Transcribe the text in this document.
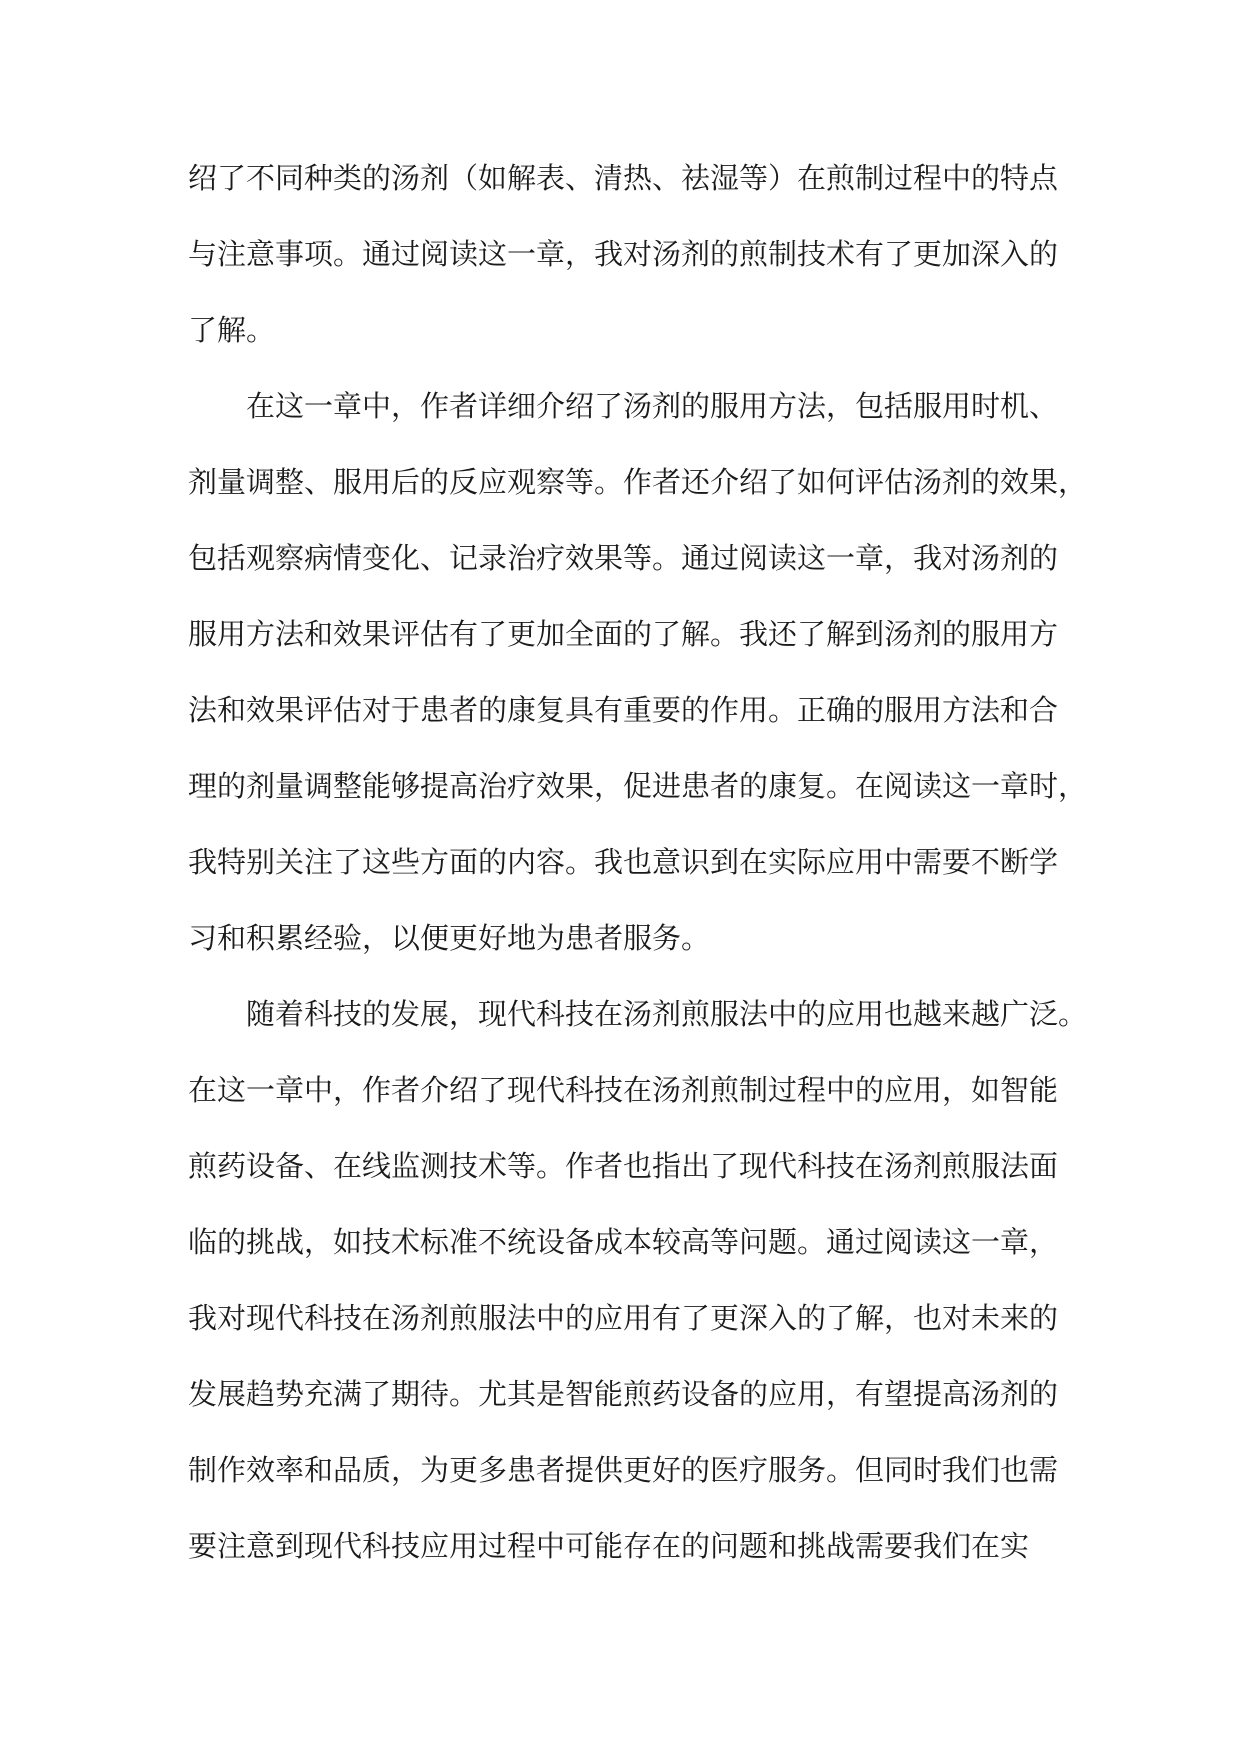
绍了不同种类的汤剂（如解表、清热、祛湿等）在煎制过程中的特点
与注意事项。通过阅读这一章，我对汤剂的煎制技术有了更加深入的
了解。
在这一章中，作者详细介绍了汤剂的服用方法，包括服用时机、
剂量调整、服用后的反应观察等。作者还介绍了如何评估汤剂的效果，
包括观察病情变化、记录治疗效果等。通过阅读这一章，我对汤剂的
服用方法和效果评估有了更加全面的了解。我还了解到汤剂的服用方
法和效果评估对于患者的康复具有重要的作用。正确的服用方法和合
理的剂量调整能够提高治疗效果，促进患者的康复。在阅读这一章时，
我特别关注了这些方面的内容。我也意识到在实际应用中需要不断学
习和积累经验，以便更好地为患者服务。
随着科技的发展，现代科技在汤剂煎服法中的应用也越来越广泛。
在这一章中，作者介绍了现代科技在汤剂煎制过程中的应用，如智能
煎药设备、在线监测技术等。作者也指出了现代科技在汤剂煎服法面
临的挑战，如技术标准不统设备成本较高等问题。通过阅读这一章，
我对现代科技在汤剂煎服法中的应用有了更深入的了解，也对未来的
发展趋势充满了期待。尤其是智能煎药设备的应用，有望提高汤剂的
制作效率和品质，为更多患者提供更好的医疗服务。但同时我们也需
要注意到现代科技应用过程中可能存在的问题和挑战需要我们在实
